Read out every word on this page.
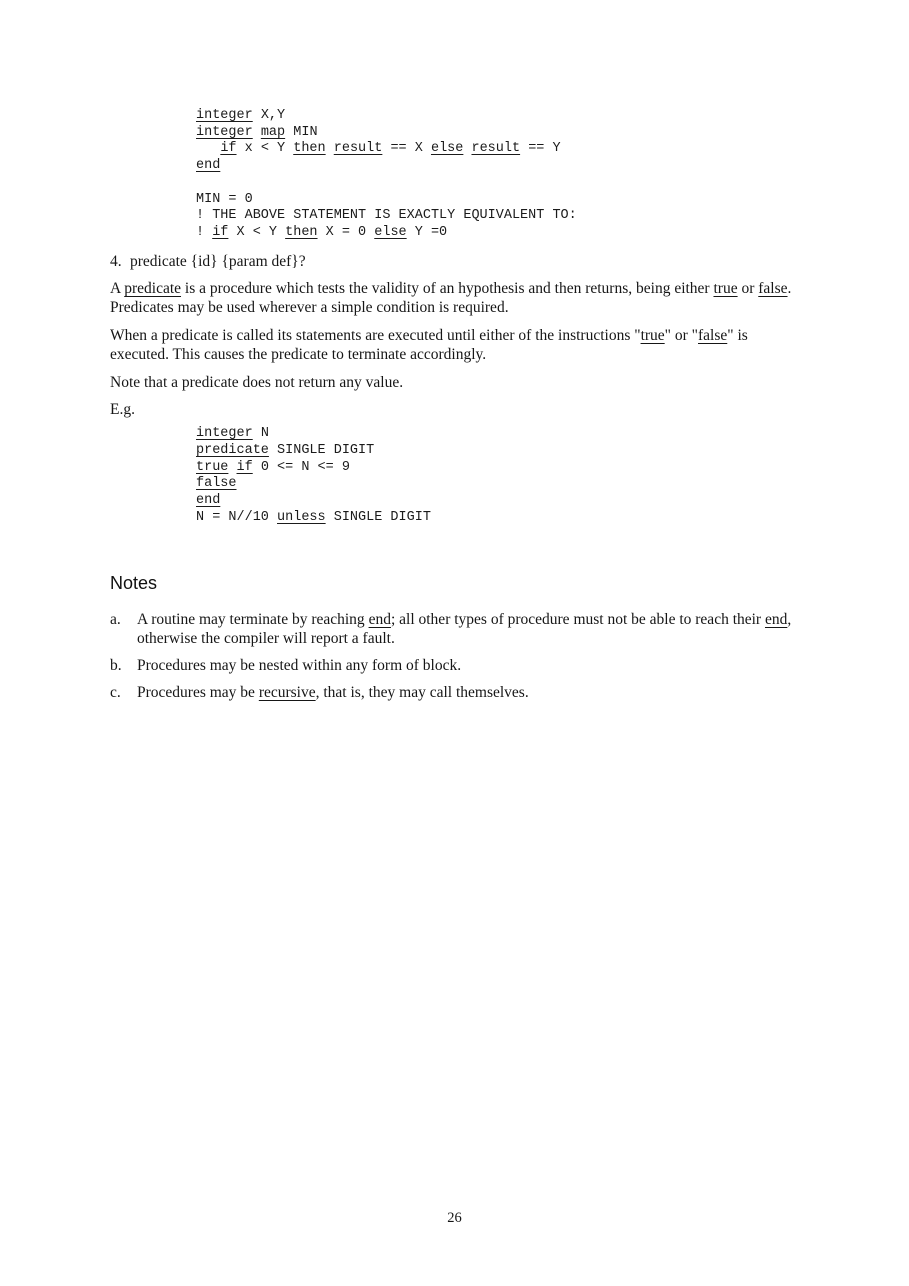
integer X,Y
integer map MIN
if x < Y then result == X else result == Y
end

MIN = 0
! THE ABOVE STATEMENT IS EXACTLY EQUIVALENT TO:
! if X < Y then X = 0 else Y =0
4. predicate {id} {param def}?
A predicate is a procedure which tests the validity of an hypothesis and then returns, being either true or false.
Predicates may be used wherever a simple condition is required.
When a predicate is called its statements are executed until either of the instructions "true" or "false" is
executed. This causes the predicate to terminate accordingly.
Note that a predicate does not return any value.
E.g.
integer N
predicate SINGLE DIGIT
true if 0 <= N <= 9
false
end
N = N//10 unless SINGLE DIGIT
Notes
a.	A routine may terminate by reaching end; all other types of procedure must not be able to reach their end,
otherwise the compiler will report a fault.
b. Procedures may be nested within any form of block.
c.	Procedures may be recursive, that is, they may call themselves.
26
